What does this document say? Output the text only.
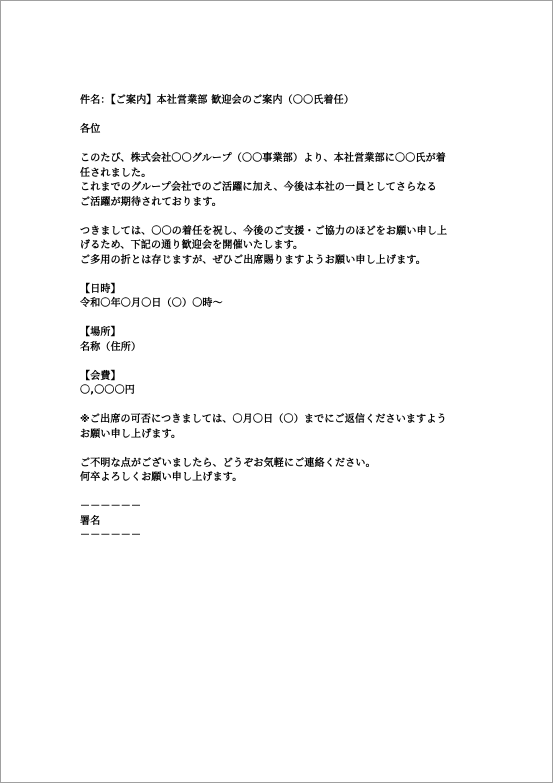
件名：【ご案内】本社営業部 歓迎会のご案内（〇〇氏着任）
各位
このたび、株式会社〇〇グループ（〇〇事業部）より、本社営業部に〇〇氏が着
任されました。
これまでのグループ会社でのご活躍に加え、今後は本社の一員としてさらなる
ご活躍が期待されております。
つきましては、〇〇の着任を祝し、今後のご支援・ご協力のほどをお願い申し上
げるため、下記の通り歓迎会を開催いたします。
ご多用の折とは存じますが、ぜひご出席賜りますようお願い申し上げます。
【日時】
令和〇年〇月〇日（〇）〇時～
【場所】
名称（住所）
【会費】
〇,〇〇〇円
※ご出席の可否につきましては、〇月〇日（〇）までにご返信くださいますよう
お願い申し上げます。
ご不明な点がございましたら、どうぞお気軽にご連絡ください。
何卒よろしくお願い申し上げます。
－－－－－－
署名
－－－－－－
